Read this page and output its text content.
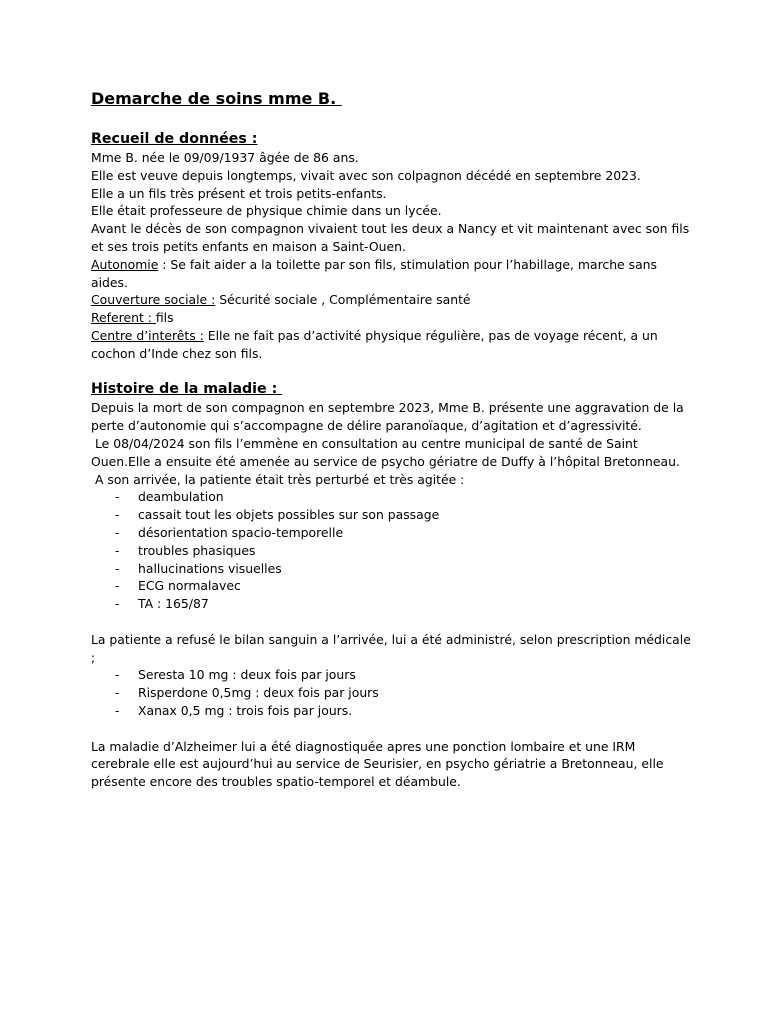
Demarche de soins mme B.
Recueil de données :

Mme B. née le 09/09/1937 âgée de 86 ans.

Elle est veuve depuis longtemps, vivait avec son colpagnon décédé en septembre 2023.

Elle a un fils très présent et trois petits-enfants.

Elle était professeure de physique chimie dans un lycée.

Avant le décès de son compagnon vivaient tout les deux a Nancy et vit maintenant avec son fils et ses trois petits enfants en maison a Saint-Ouen.

Autonomie : Se fait aider a la toilette par son fils, stimulation pour l’habillage, marche sans aides.

Couverture sociale : Sécurité sociale , Complémentaire santé

Referent : fils

Centre d’interêts : Elle ne fait pas d’activité physique régulière, pas de voyage récent, a un cochon d’Inde chez son fils.

Histoire de la maladie :

Depuis la mort de son compagnon en septembre 2023, Mme B. présente une aggravation de la perte d’autonomie qui s’accompagne de délire paranoïaque, d’agitation et d’agressivité.

Le 08/04/2024 son fils l’emmène en consultation au centre municipal de santé de Saint Ouen.Elle a ensuite été amenée au service de psycho gériatre de Duffy à l’hôpital Bretonneau.

A son arrivée, la patiente était très perturbé et très agitée :

- deambulation
- cassait tout les objets possibles sur son passage
- désorientation spacio-temporelle
- troubles phasiques
- hallucinations visuelles
- ECG normalavec
- TA : 165/87

La patiente a refusé le bilan sanguin a l’arrivée, lui a été administré, selon prescription médicale ;

- Seresta 10 mg : deux fois par jours
- Risperdone 0,5mg : deux fois par jours
- Xanax 0,5 mg : trois fois par jours.

La maladie d’Alzheimer lui a été diagnostiquée apres une ponction lombaire et une IRM cerebrale elle est aujourd’hui au service de Seurisier, en psycho gériatrie a Bretonneau, elle présente encore des troubles spatio-temporel et déambule.
